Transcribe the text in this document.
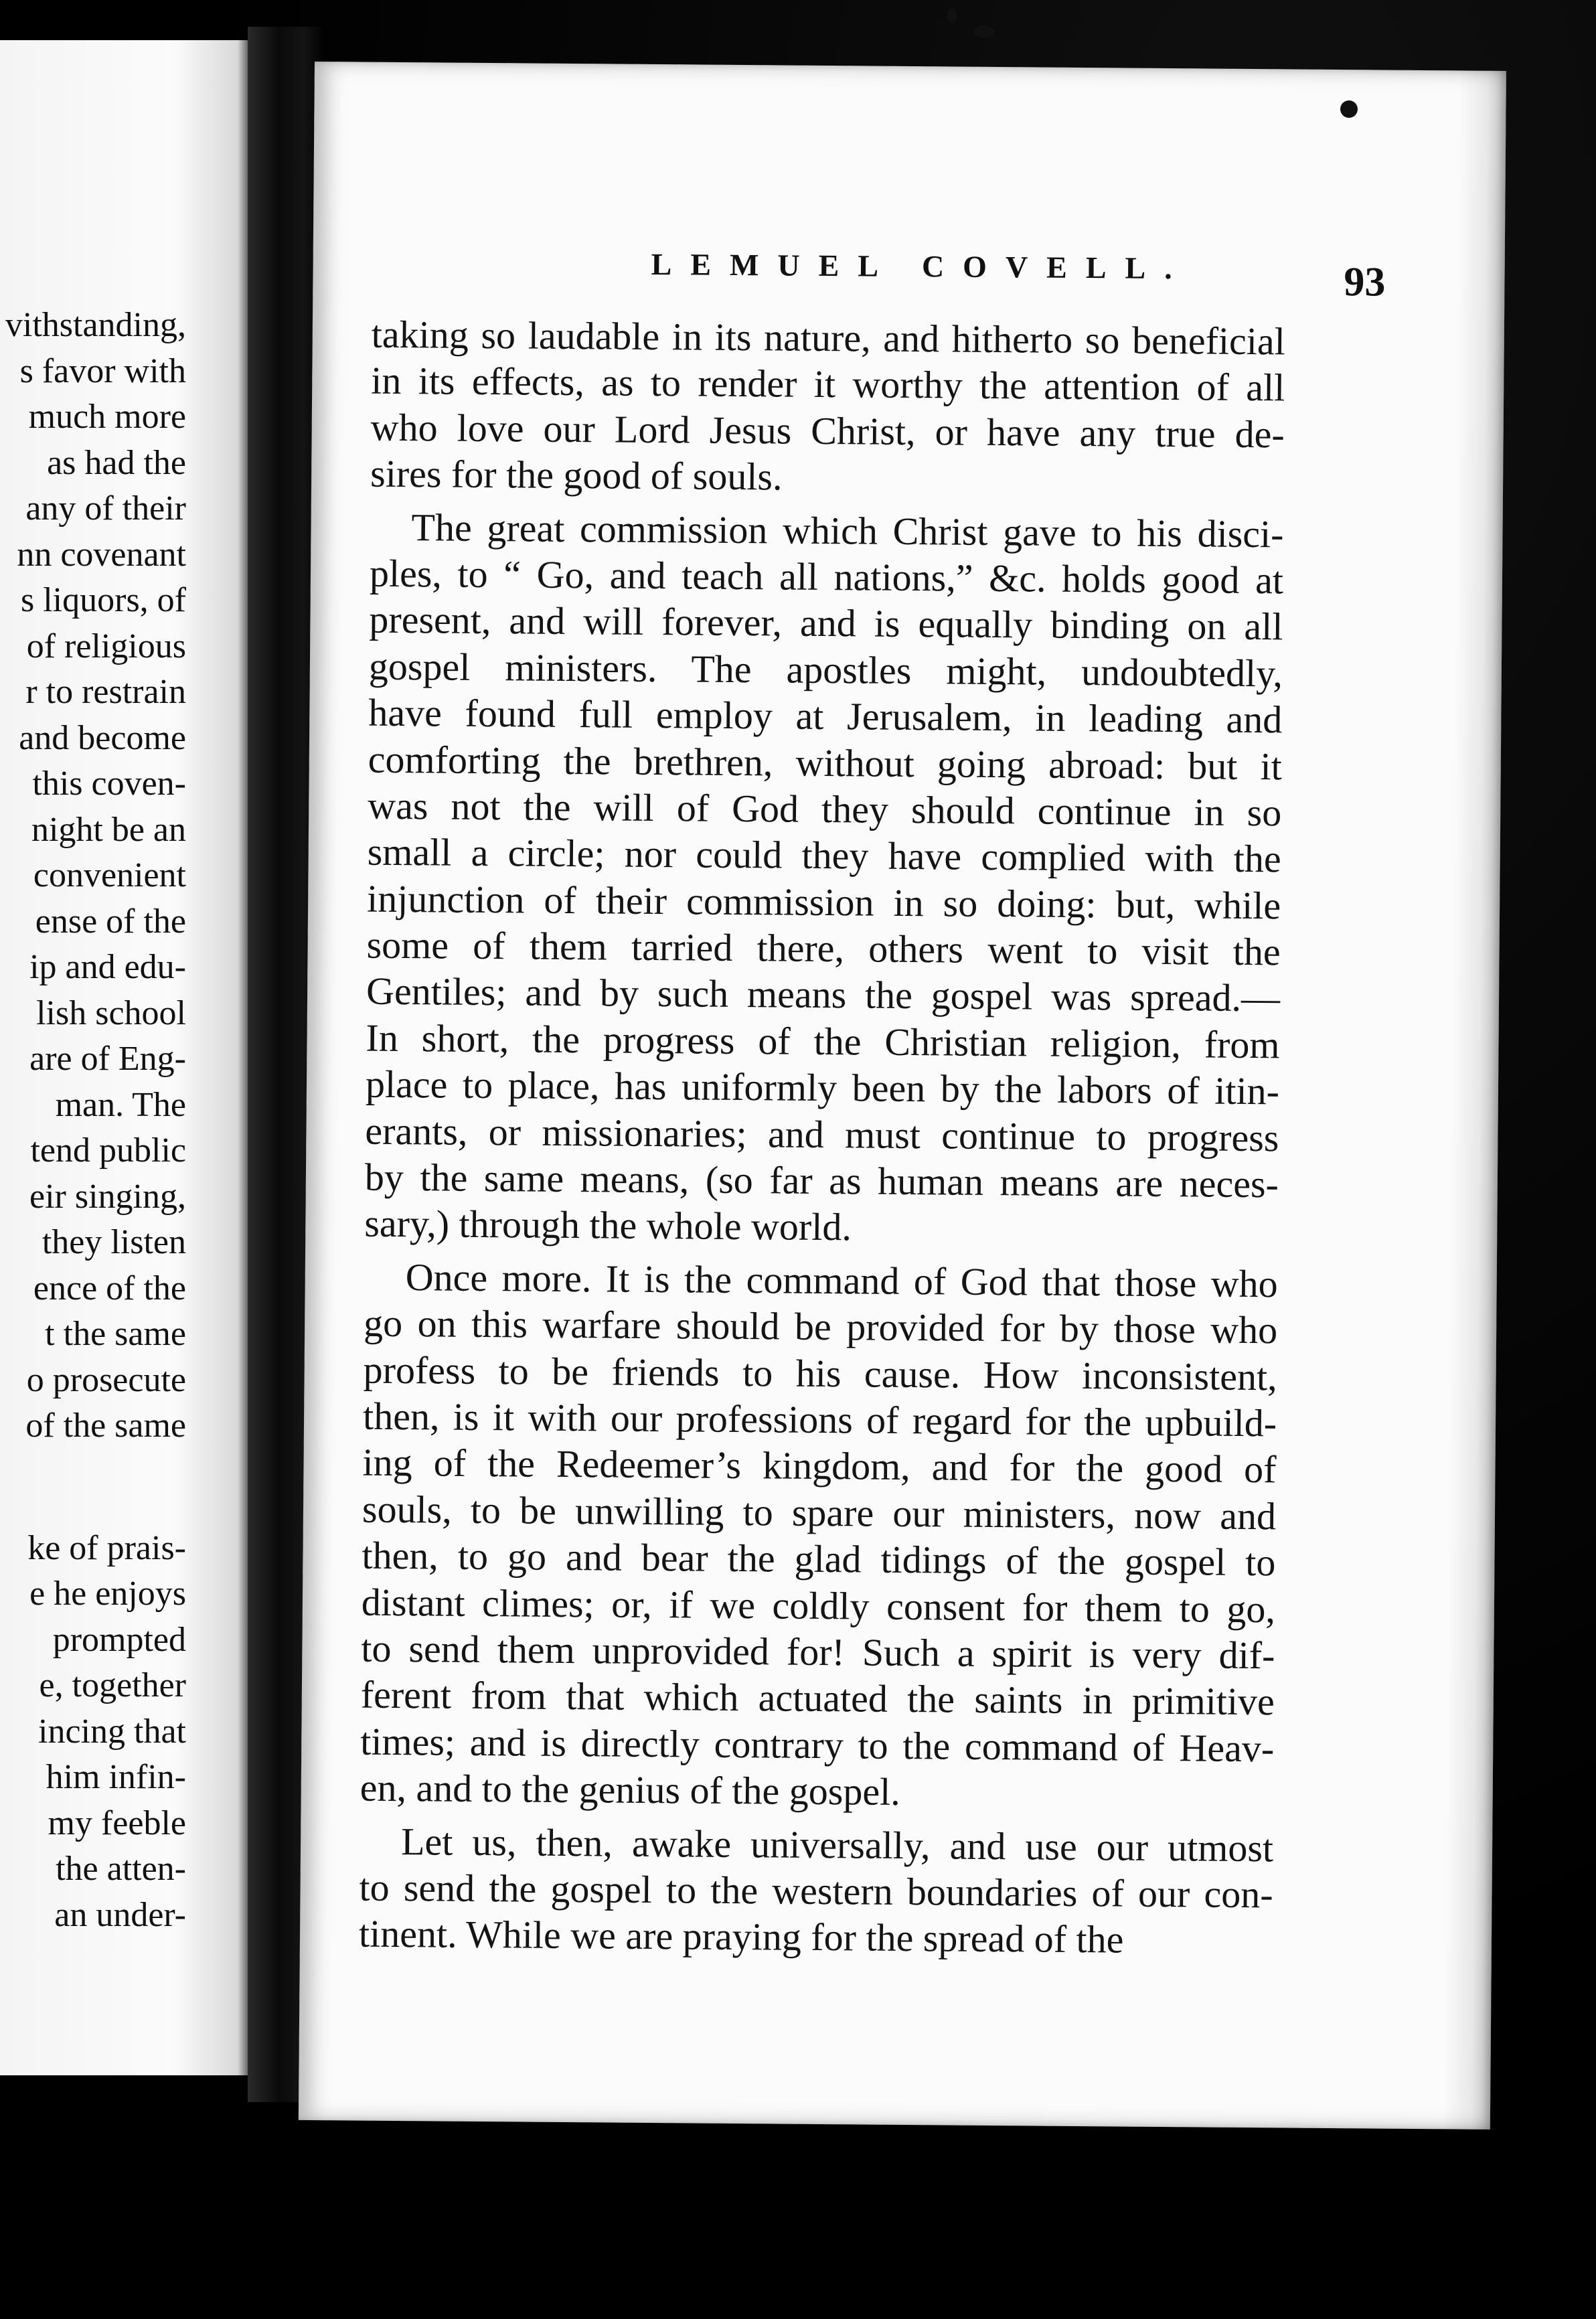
vithstanding,
s favor with
much more
as had the
any of their
nn covenant
s liquors, of
of religious
r to restrain
and become
this coven-
night be an
convenient
ense of the
ip and edu-
lish school
are of Eng-
man. The
tend public
eir singing,
they listen
ence of the
t the same
o prosecute
of the same
ke of prais-
e he enjoys
prompted
e, together
incing that
him infin-
my feeble
the atten-
an under-
LEMUEL COVELL.	93
taking so laudable in its nature, and hitherto so beneficial
in its effects, as to render it worthy the attention of all
who love our Lord Jesus Christ, or have any true de-
sires for the good of souls.
The great commission which Christ gave to his disci-
ples, to “ Go, and teach all nations,” &c. holds good at
present, and will forever, and is equally binding on all
gospel ministers. The apostles might, undoubtedly,
have found full employ at Jerusalem, in leading and
comforting the brethren, without going abroad: but it
was not the will of God they should continue in so
small a circle; nor could they have complied with the
injunction of their commission in so doing: but, while
some of them tarried there, others went to visit the
Gentiles; and by such means the gospel was spread.—
In short, the progress of the Christian religion, from
place to place, has uniformly been by the labors of itin-
erants, or missionaries; and must continue to progress
by the same means, (so far as human means are neces-
sary,) through the whole world.
Once more. It is the command of God that those who
go on this warfare should be provided for by those who
profess to be friends to his cause. How inconsistent,
then, is it with our professions of regard for the upbuild-
ing of the Redeemer’s kingdom, and for the good of
souls, to be unwilling to spare our ministers, now and
then, to go and bear the glad tidings of the gospel to
distant climes; or, if we coldly consent for them to go,
to send them unprovided for! Such a spirit is very dif-
ferent from that which actuated the saints in primitive
times; and is directly contrary to the command of Heav-
en, and to the genius of the gospel.
Let us, then, awake universally, and use our utmost
to send the gospel to the western boundaries of our con-
tinent. While we are praying for the spread of the
